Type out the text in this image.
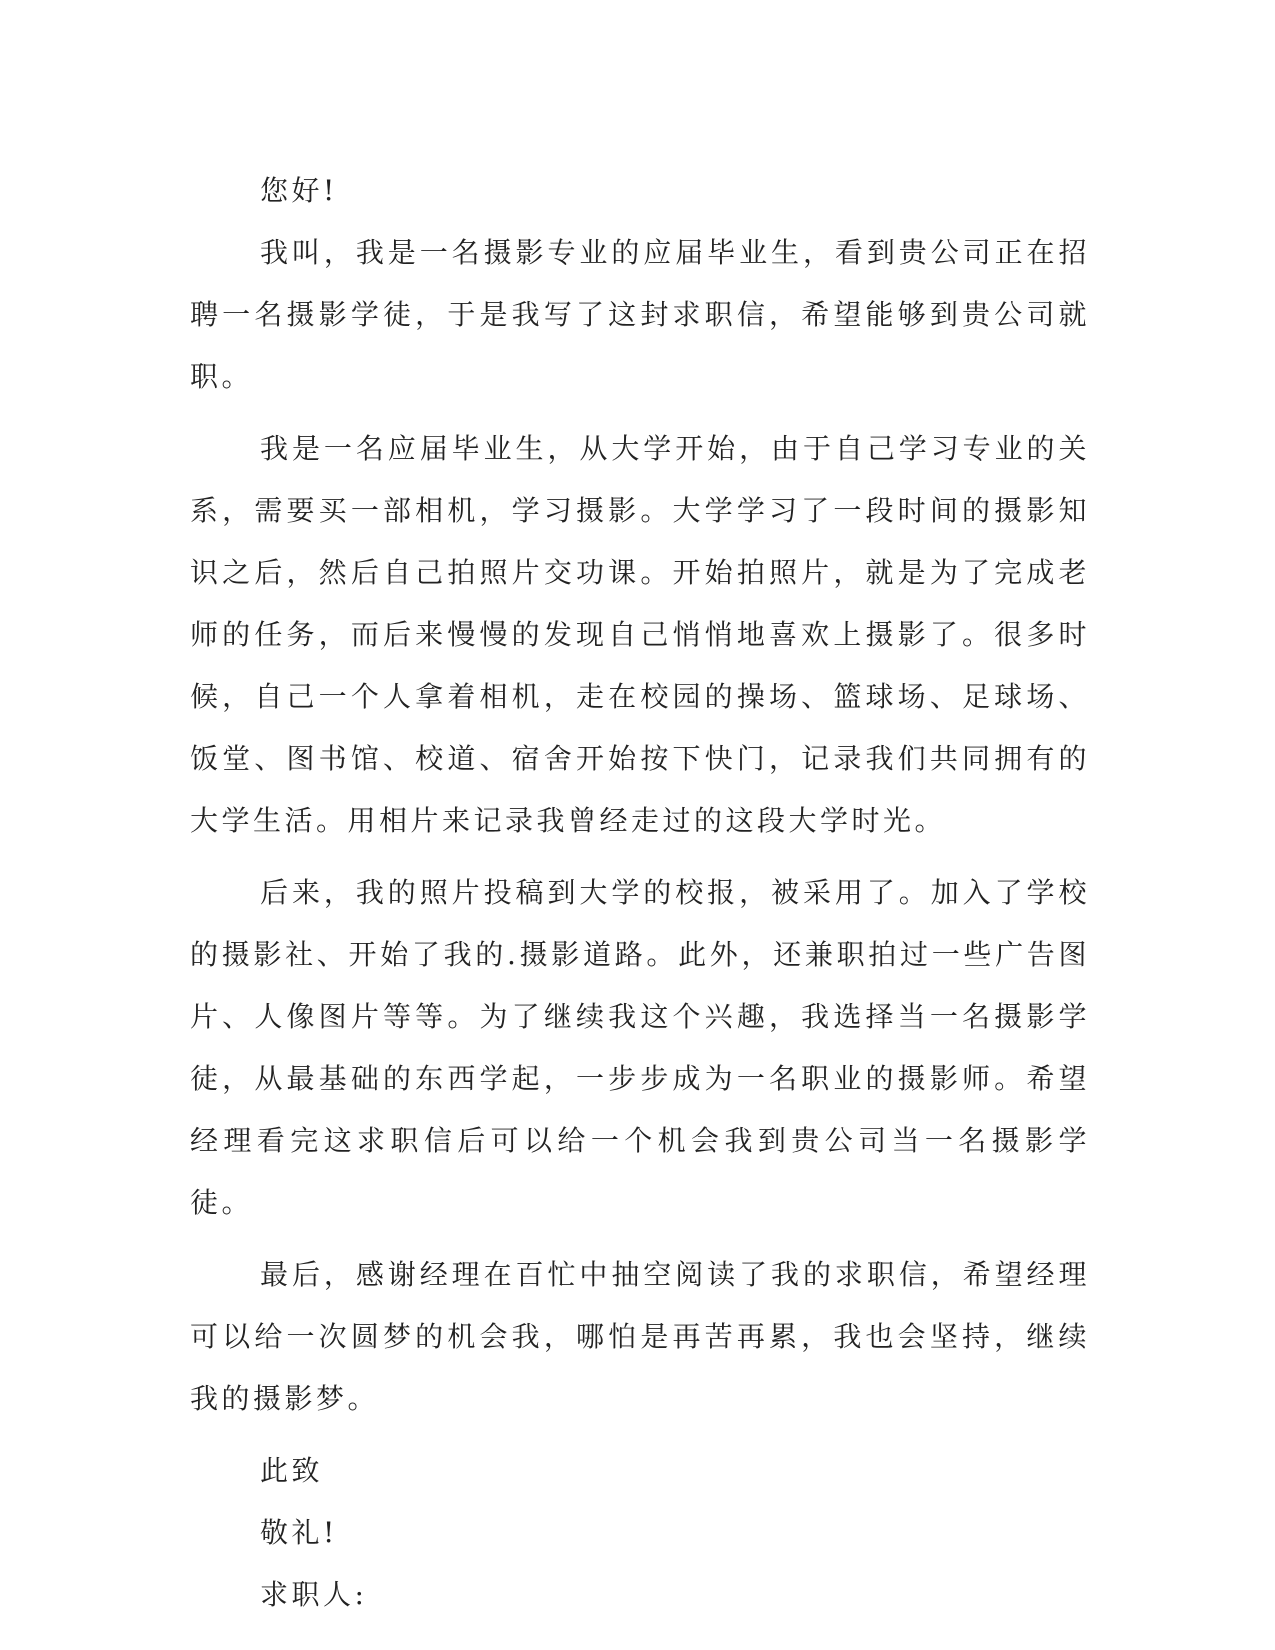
您好!

我叫，我是一名摄影专业的应届毕业生，看到贵公司正在招聘一名摄影学徒，于是我写了这封求职信，希望能够到贵公司就职。

我是一名应届毕业生，从大学开始，由于自己学习专业的关系，需要买一部相机，学习摄影。大学学习了一段时间的摄影知识之后，然后自己拍照片交功课。开始拍照片，就是为了完成老师的任务，而后来慢慢的发现自己悄悄地喜欢上摄影了。很多时候，自己一个人拿着相机，走在校园的操场、篮球场、足球场、饭堂、图书馆、校道、宿舍开始按下快门，记录我们共同拥有的大学生活。用相片来记录我曾经走过的这段大学时光。

后来，我的照片投稿到大学的校报，被采用了。加入了学校的摄影社、开始了我的.摄影道路。此外，还兼职拍过一些广告图片、人像图片等等。为了继续我这个兴趣，我选择当一名摄影学徒，从最基础的东西学起，一步步成为一名职业的摄影师。希望经理看完这求职信后可以给一个机会我到贵公司当一名摄影学徒。

最后，感谢经理在百忙中抽空阅读了我的求职信，希望经理可以给一次圆梦的机会我，哪怕是再苦再累，我也会坚持，继续我的摄影梦。

此致

敬礼!

求职人:
